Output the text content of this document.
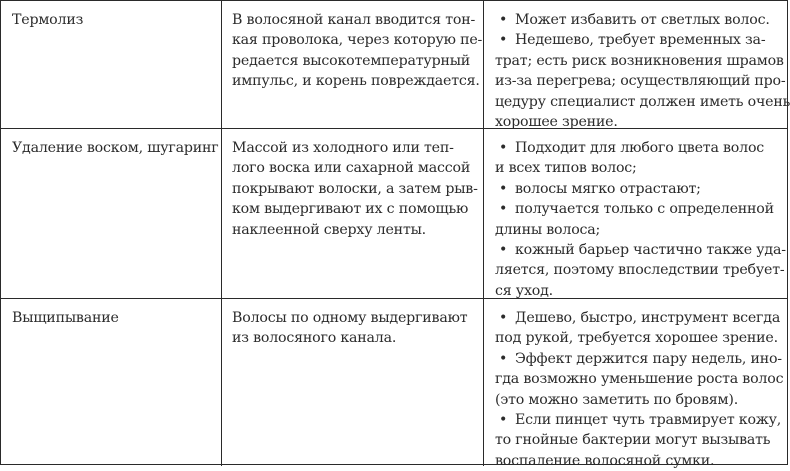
Термолиз	В волосяной канал вводится тон-
кая проволока, через которую пе-
редается высокотемпературный
импульс, и корень повреждается.
• Может избавить от светлых волос.
• Недешево, требует временных за-
трат; есть риск возникновения шрамов
из-за перегрева; осуществляющий про-
цедуру специалист должен иметь очень
хорошее зрение.
Удаление воском, шугаринг Массой из холодного или теп-
лого воска или сахарной массой
покрывают волоски, а затем рыв-
ком выдергивают их с помощью
наклеенной сверху ленты.
• Подходит для любого цвета волос
и всех типов волос;
• волосы мягко отрастают;
• получается только с определенной
длины волоса;
• кожный барьер частично также уда-
ляется, поэтому впоследствии требует-
ся уход.
Выщипывание	Волосы по одному выдергивают
из волосяного канала.
• Дешево, быстро, инструмент всегда
под рукой, требуется хорошее зрение.
• Эффект держится пару недель, ино-
гда возможно уменьшение роста волос
(это можно заметить по бровям).
• Если пинцет чуть травмирует кожу,
то гнойные бактерии могут вызывать
воспаление волосяной сумки.
